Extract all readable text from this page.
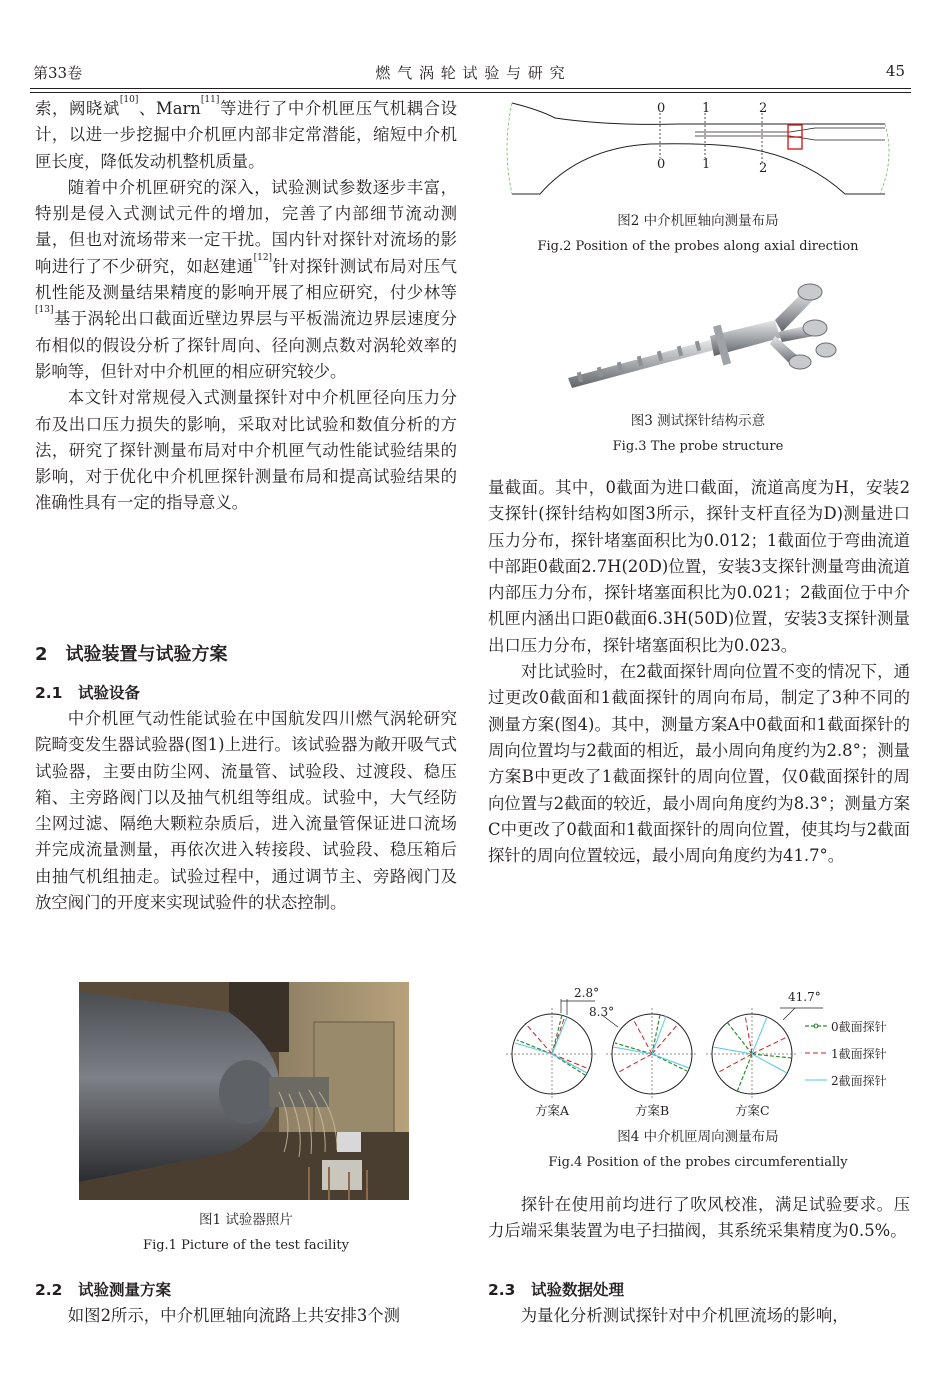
第33卷	燃 气 涡 轮 试 验 与 研 究	45

索，阙晓斌[10]、Marn[11]等进行了中介机匣压气机耦合设计，以进一步挖掘中介机匣内部非定常潜能，缩短中介机匣长度，降低发动机整机质量。

随着中介机匣研究的深入，试验测试参数逐步丰富，特别是侵入式测试元件的增加，完善了内部细节流动测量，但也对流场带来一定干扰。国内针对探针对流场的影响进行了不少研究，如赵建通[12]针对探针测试布局对压气机性能及测量结果精度的影响开展了相应研究，付少林等[13]基于涡轮出口截面近壁边界层与平板湍流边界层速度分布相似的假设分析了探针周向、径向测点数对涡轮效率的影响等，但针对中介机匣的相应研究较少。

本文针对常规侵入式测量探针对中介机匣径向压力分布及出口压力损失的影响，采取对比试验和数值分析的方法，研究了探针测量布局对中介机匣气动性能试验结果的影响，对于优化中介机匣探针测量布局和提高试验结果的准确性具有一定的指导意义。

2　试验装置与试验方案
2.1　试验设备

中介机匣气动性能试验在中国航发四川燃气涡轮研究院畸变发生器试验器(图1)上进行。该试验器为敞开吸气式试验器，主要由防尘网、流量管、试验段、过渡段、稳压箱、主旁路阀门以及抽气机组等组成。试验中，大气经防尘网过滤、隔绝大颗粒杂质后，进入流量管保证进口流场并完成流量测量，再依次进入转接段、试验段、稳压箱后由抽气机组抽走。试验过程中，通过调节主、旁路阀门及放空阀门的开度来实现试验件的状态控制。

图1 试验器照片
Fig.1 Picture of the test facility
2.2　试验测量方案

如图2所示，中介机匣轴向流路上共安排3个测

0	1	2
0	1	2
图2 中介机匣轴向测量布局
Fig.2 Position of the probes along axial direction
图3 测试探针结构示意
Fig.3 The probe structure

量截面。其中，0截面为进口截面，流道高度为H，安装2支探针(探针结构如图3所示，探针支杆直径为D)测量进口压力分布，探针堵塞面积比为0.012；1截面位于弯曲流道中部距0截面2.7H(20D)位置，安装3支探针测量弯曲流道内部压力分布，探针堵塞面积比为0.021；2截面位于中介机匣内涵出口距0截面6.3H(50D)位置，安装3支探针测量出口压力分布，探针堵塞面积比为0.023。

对比试验时，在2截面探针周向位置不变的情况下，通过更改0截面和1截面探针的周向布局，制定了3种不同的测量方案(图4)。其中，测量方案A中0截面和1截面探针的周向位置均与2截面的相近，最小周向角度约为2.8°；测量方案B中更改了1截面探针的周向位置，仅0截面探针的周向位置与2截面的较近，最小周向角度约为8.3°；测量方案C中更改了0截面和1截面探针的周向位置，使其均与2截面探针的周向位置较远，最小周向角度约为41.7°。

2.8°
8.3°
41.7°
0截面探针
1截面探针
2截面探针
方案A	方案B	方案C
图4 中介机匣周向测量布局
Fig.4 Position of the probes circumferentially

探针在使用前均进行了吹风校准，满足试验要求。压力后端采集装置为电子扫描阀，其系统采集精度为0.5%。

2.3　试验数据处理

为量化分析测试探针对中介机匣流场的影响，
